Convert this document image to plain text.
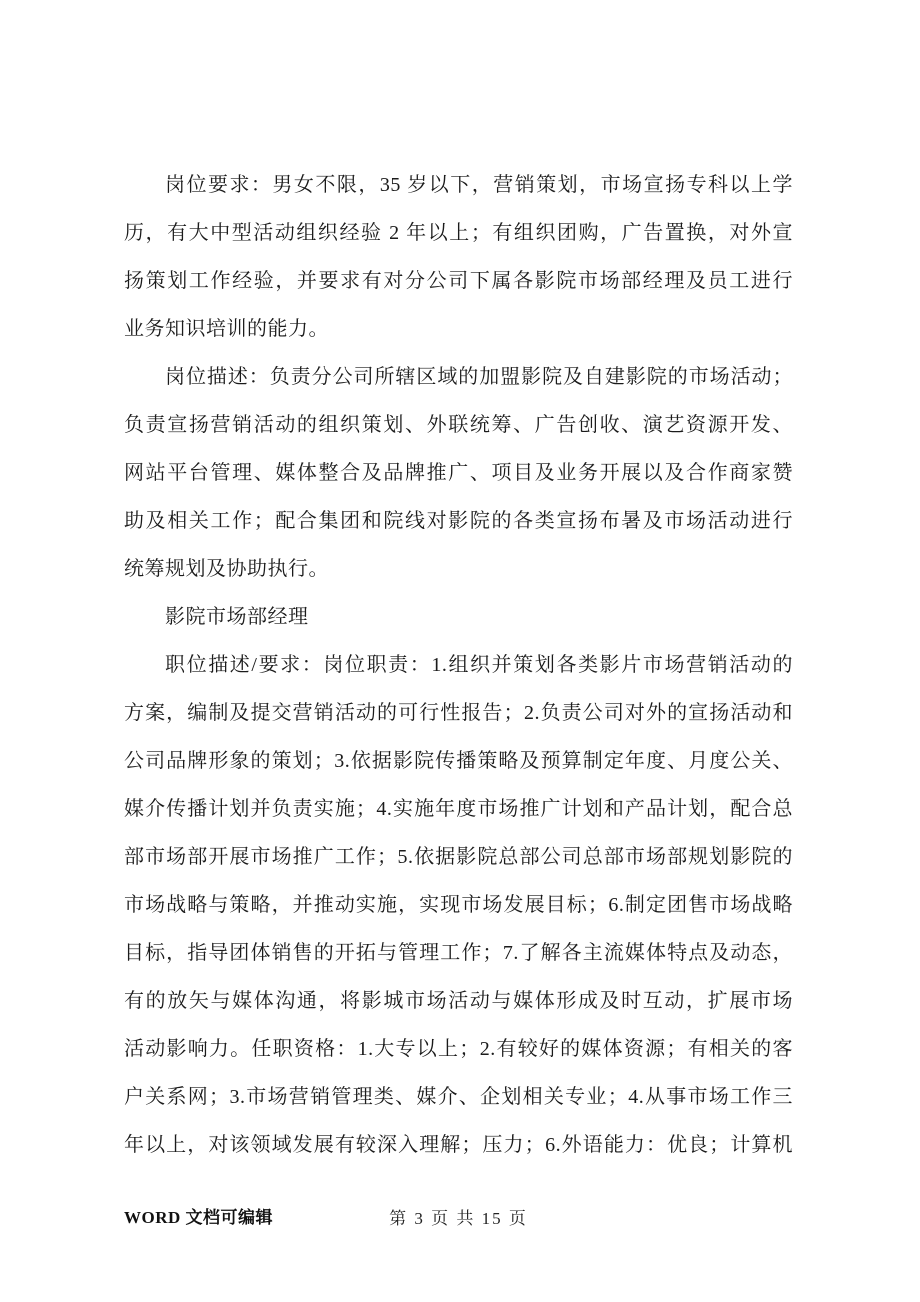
岗位要求：男女不限，35 岁以下，营销策划，市场宣扬专科以上学
历，有大中型活动组织经验 2 年以上；有组织团购，广告置换，对外宣
扬策划工作经验，并要求有对分公司下属各影院市场部经理及员工进行
业务知识培训的能力。
岗位描述：负责分公司所辖区域的加盟影院及自建影院的市场活动；
负责宣扬营销活动的组织策划、外联统筹、广告创收、演艺资源开发、
网站平台管理、媒体整合及品牌推广、项目及业务开展以及合作商家赞
助及相关工作；配合集团和院线对影院的各类宣扬布暑及市场活动进行
统筹规划及协助执行。
影院市场部经理
职位描述/要求：岗位职责：1.组织并策划各类影片市场营销活动的
方案，编制及提交营销活动的可行性报告；2.负责公司对外的宣扬活动和
公司品牌形象的策划；3.依据影院传播策略及预算制定年度、月度公关、
媒介传播计划并负责实施；4.实施年度市场推广计划和产品计划，配合总
部市场部开展市场推广工作；5.依据影院总部公司总部市场部规划影院的
市场战略与策略，并推动实施，实现市场发展目标；6.制定团售市场战略
目标，指导团体销售的开拓与管理工作；7.了解各主流媒体特点及动态，
有的放矢与媒体沟通，将影城市场活动与媒体形成及时互动，扩展市场
活动影响力。任职资格：1.大专以上；2.有较好的媒体资源；有相关的客
户关系网；3.市场营销管理类、媒介、企划相关专业；4.从事市场工作三
年以上，对该领域发展有较深入理解；压力；6.外语能力：优良；计算机
WORD 文档可编辑	第 3 页 共 15 页
